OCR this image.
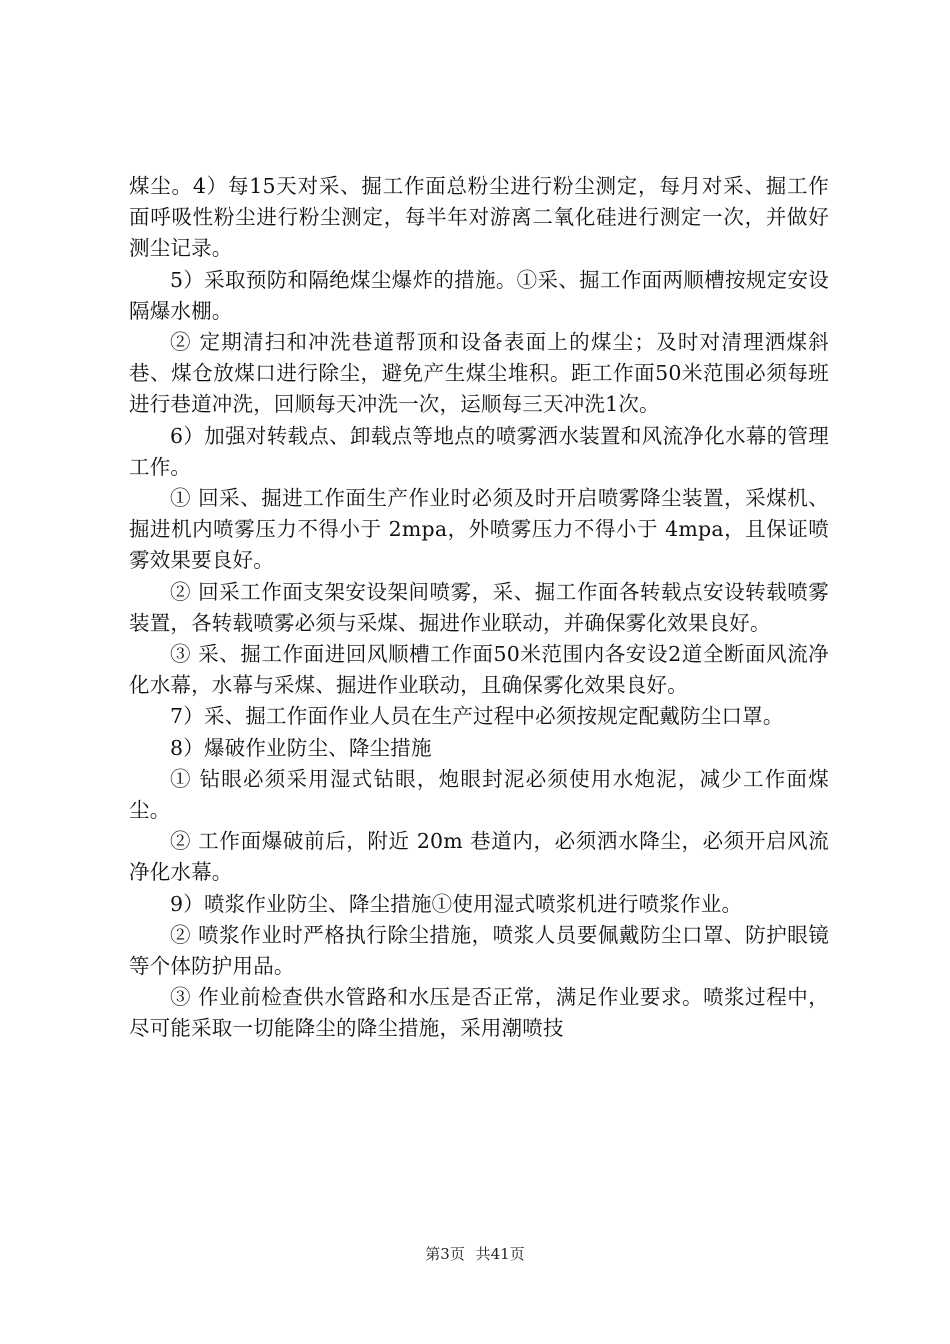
煤尘。4）每15天对采、掘工作面总粉尘进行粉尘测定，每月对采、掘工作面呼吸性粉尘进行粉尘测定，每半年对游离二氧化硅进行测定一次，并做好测尘记录。

5）采取预防和隔绝煤尘爆炸的措施。①采、掘工作面两顺槽按规定安设隔爆水棚。

② 定期清扫和冲洗巷道帮顶和设备表面上的煤尘；及时对清理洒煤斜巷、煤仓放煤口进行除尘，避免产生煤尘堆积。距工作面50米范围必须每班进行巷道冲洗，回顺每天冲洗一次，运顺每三天冲洗1次。

6）加强对转载点、卸载点等地点的喷雾洒水装置和风流净化水幕的管理工作。

① 回采、掘进工作面生产作业时必须及时开启喷雾降尘装置，采煤机、掘进机内喷雾压力不得小于 2mpa，外喷雾压力不得小于 4mpa，且保证喷雾效果要良好。

② 回采工作面支架安设架间喷雾，采、掘工作面各转载点安设转载喷雾装置，各转载喷雾必须与采煤、掘进作业联动，并确保雾化效果良好。

③ 采、掘工作面进回风顺槽工作面50米范围内各安设2道全断面风流净化水幕，水幕与采煤、掘进作业联动，且确保雾化效果良好。

7）采、掘工作面作业人员在生产过程中必须按规定配戴防尘口罩。

8）爆破作业防尘、降尘措施

① 钻眼必须采用湿式钻眼，炮眼封泥必须使用水炮泥，减少工作面煤尘。

② 工作面爆破前后，附近 20m 巷道内，必须洒水降尘，必须开启风流净化水幕。

9）喷浆作业防尘、降尘措施①使用湿式喷浆机进行喷浆作业。

② 喷浆作业时严格执行除尘措施，喷浆人员要佩戴防尘口罩、防护眼镜等个体防护用品。

③ 作业前检查供水管路和水压是否正常，满足作业要求。喷浆过程中，尽可能采取一切能降尘的降尘措施，采用潮喷技

第3页 共41页
